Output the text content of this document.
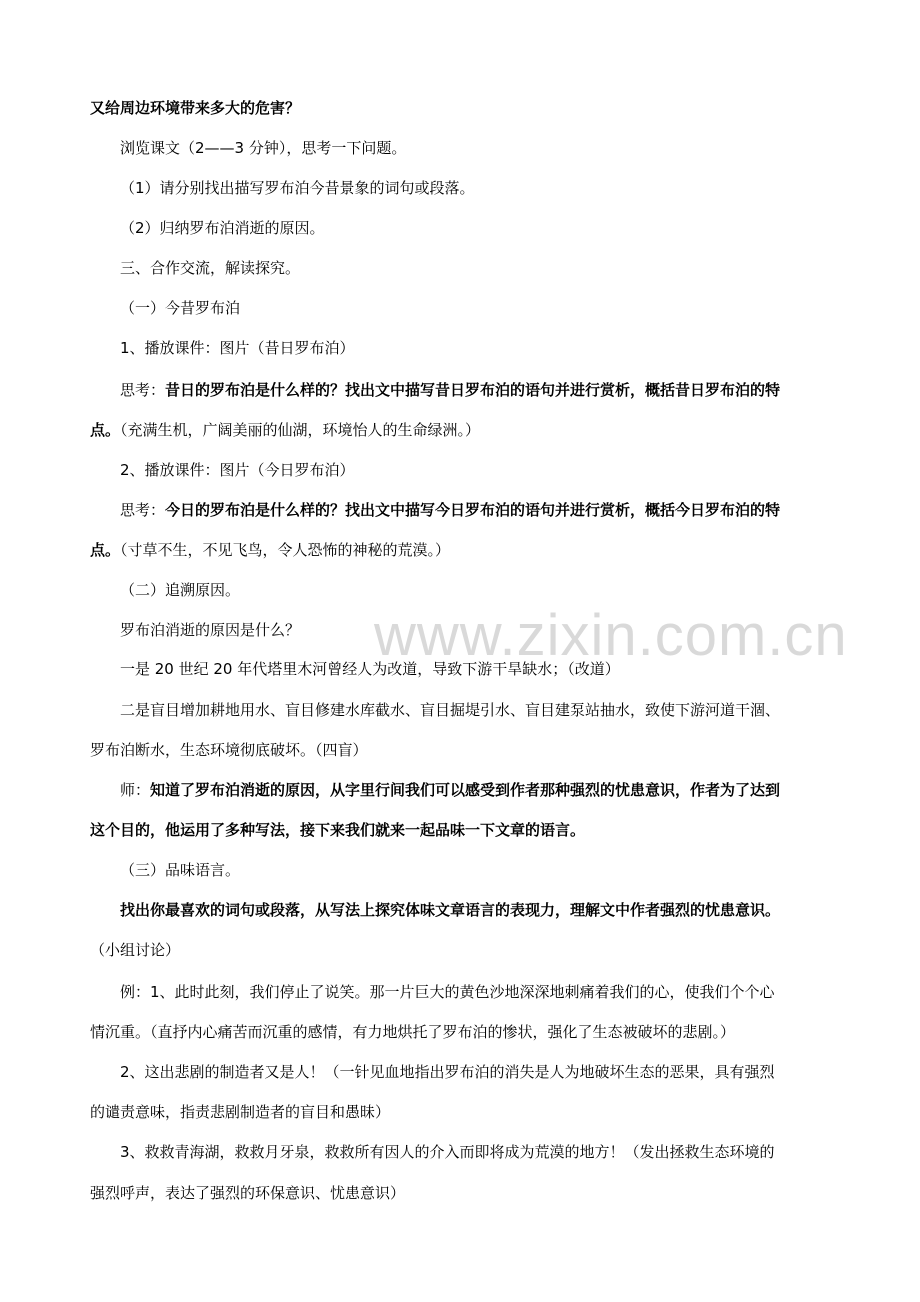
又给周边环境带来多大的危害？
浏览课文（2——3 分钟），思考一下问题。
（1）请分别找出描写罗布泊今昔景象的词句或段落。
（2）归纳罗布泊消逝的原因。
三、合作交流，解读探究。
（一）今昔罗布泊
1、播放课件：图片（昔日罗布泊）
思考：昔日的罗布泊是什么样的？找出文中描写昔日罗布泊的语句并进行赏析，概括昔日罗布泊的特
点。（充满生机，广阔美丽的仙湖，环境怡人的生命绿洲。）
2、播放课件：图片（今日罗布泊）
思考：今日的罗布泊是什么样的？找出文中描写今日罗布泊的语句并进行赏析，概括今日罗布泊的特
点。（寸草不生，不见飞鸟，令人恐怖的神秘的荒漠。）
（二）追溯原因。
罗布泊消逝的原因是什么？
一是 20 世纪 20 年代塔里木河曾经人为改道，导致下游干旱缺水；（改道）
二是盲目增加耕地用水、盲目修建水库截水、盲目掘堤引水、盲目建泵站抽水，致使下游河道干涸、
罗布泊断水，生态环境彻底破坏。（四盲）
师：知道了罗布泊消逝的原因，从字里行间我们可以感受到作者那种强烈的忧患意识，作者为了达到
这个目的，他运用了多种写法，接下来我们就来一起品味一下文章的语言。
（三）品味语言。
找出你最喜欢的词句或段落，从写法上探究体味文章语言的表现力，理解文中作者强烈的忧患意识。
（小组讨论）
例：1、此时此刻，我们停止了说笑。那一片巨大的黄色沙地深深地刺痛着我们的心，使我们个个心
情沉重。（直抒内心痛苦而沉重的感情，有力地烘托了罗布泊的惨状，强化了生态被破坏的悲剧。）
2、这出悲剧的制造者又是人！（一针见血地指出罗布泊的消失是人为地破坏生态的恶果，具有强烈
的谴责意味，指责悲剧制造者的盲目和愚昧）
3、救救青海湖，救救月牙泉，救救所有因人的介入而即将成为荒漠的地方！（发出拯救生态环境的
强烈呼声，表达了强烈的环保意识、忧患意识）
www.zixin.com.cn
